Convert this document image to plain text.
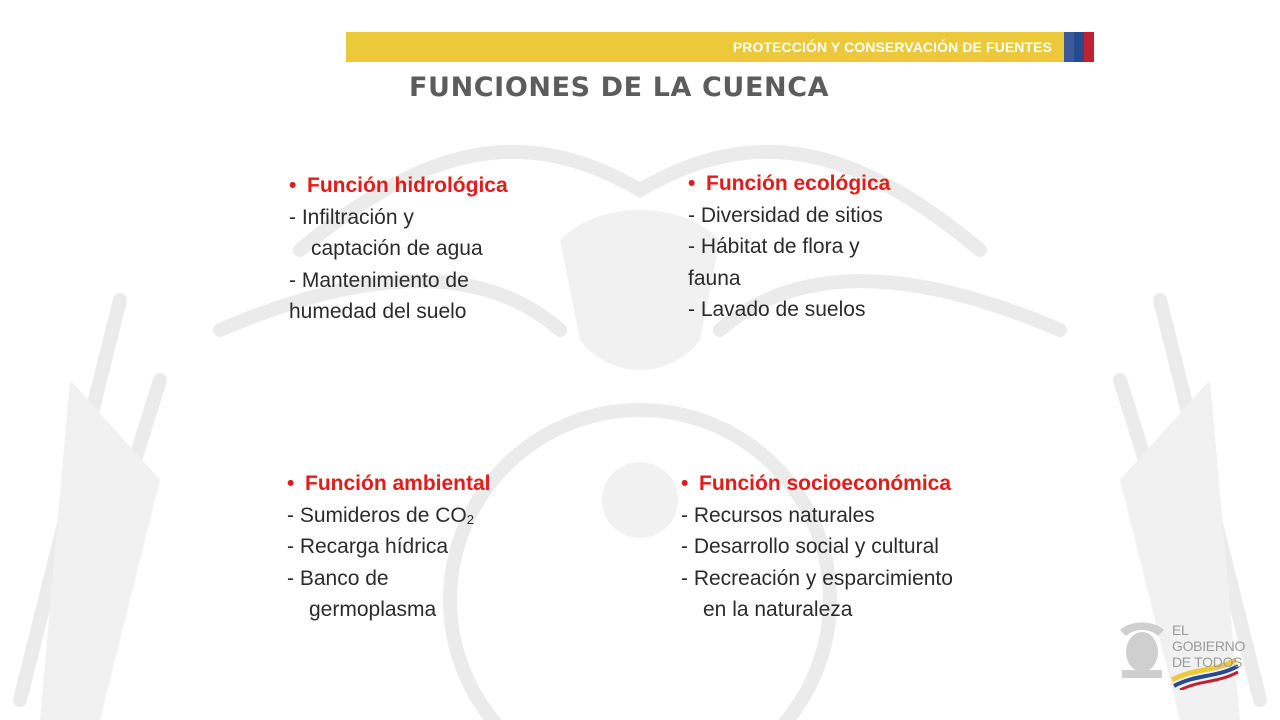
PROTECCIÓN Y CONSERVACIÓN DE FUENTES
FUNCIONES DE LA CUENCA
• Función hidrológica
- Infiltración y
captación de agua
- Mantenimiento de
humedad del suelo
• Función ecológica
- Diversidad de sitios
- Hábitat de flora y
fauna
- Lavado de suelos
• Función ambiental
- Sumideros de $CO_2$
- Recarga hídrica
- Banco de
germoplasma
• Función socioeconómica
- Recursos naturales
- Desarrollo social y cultural
- Recreación y esparcimiento
en la naturaleza
EL
GOBIERNO
DE TODOS
